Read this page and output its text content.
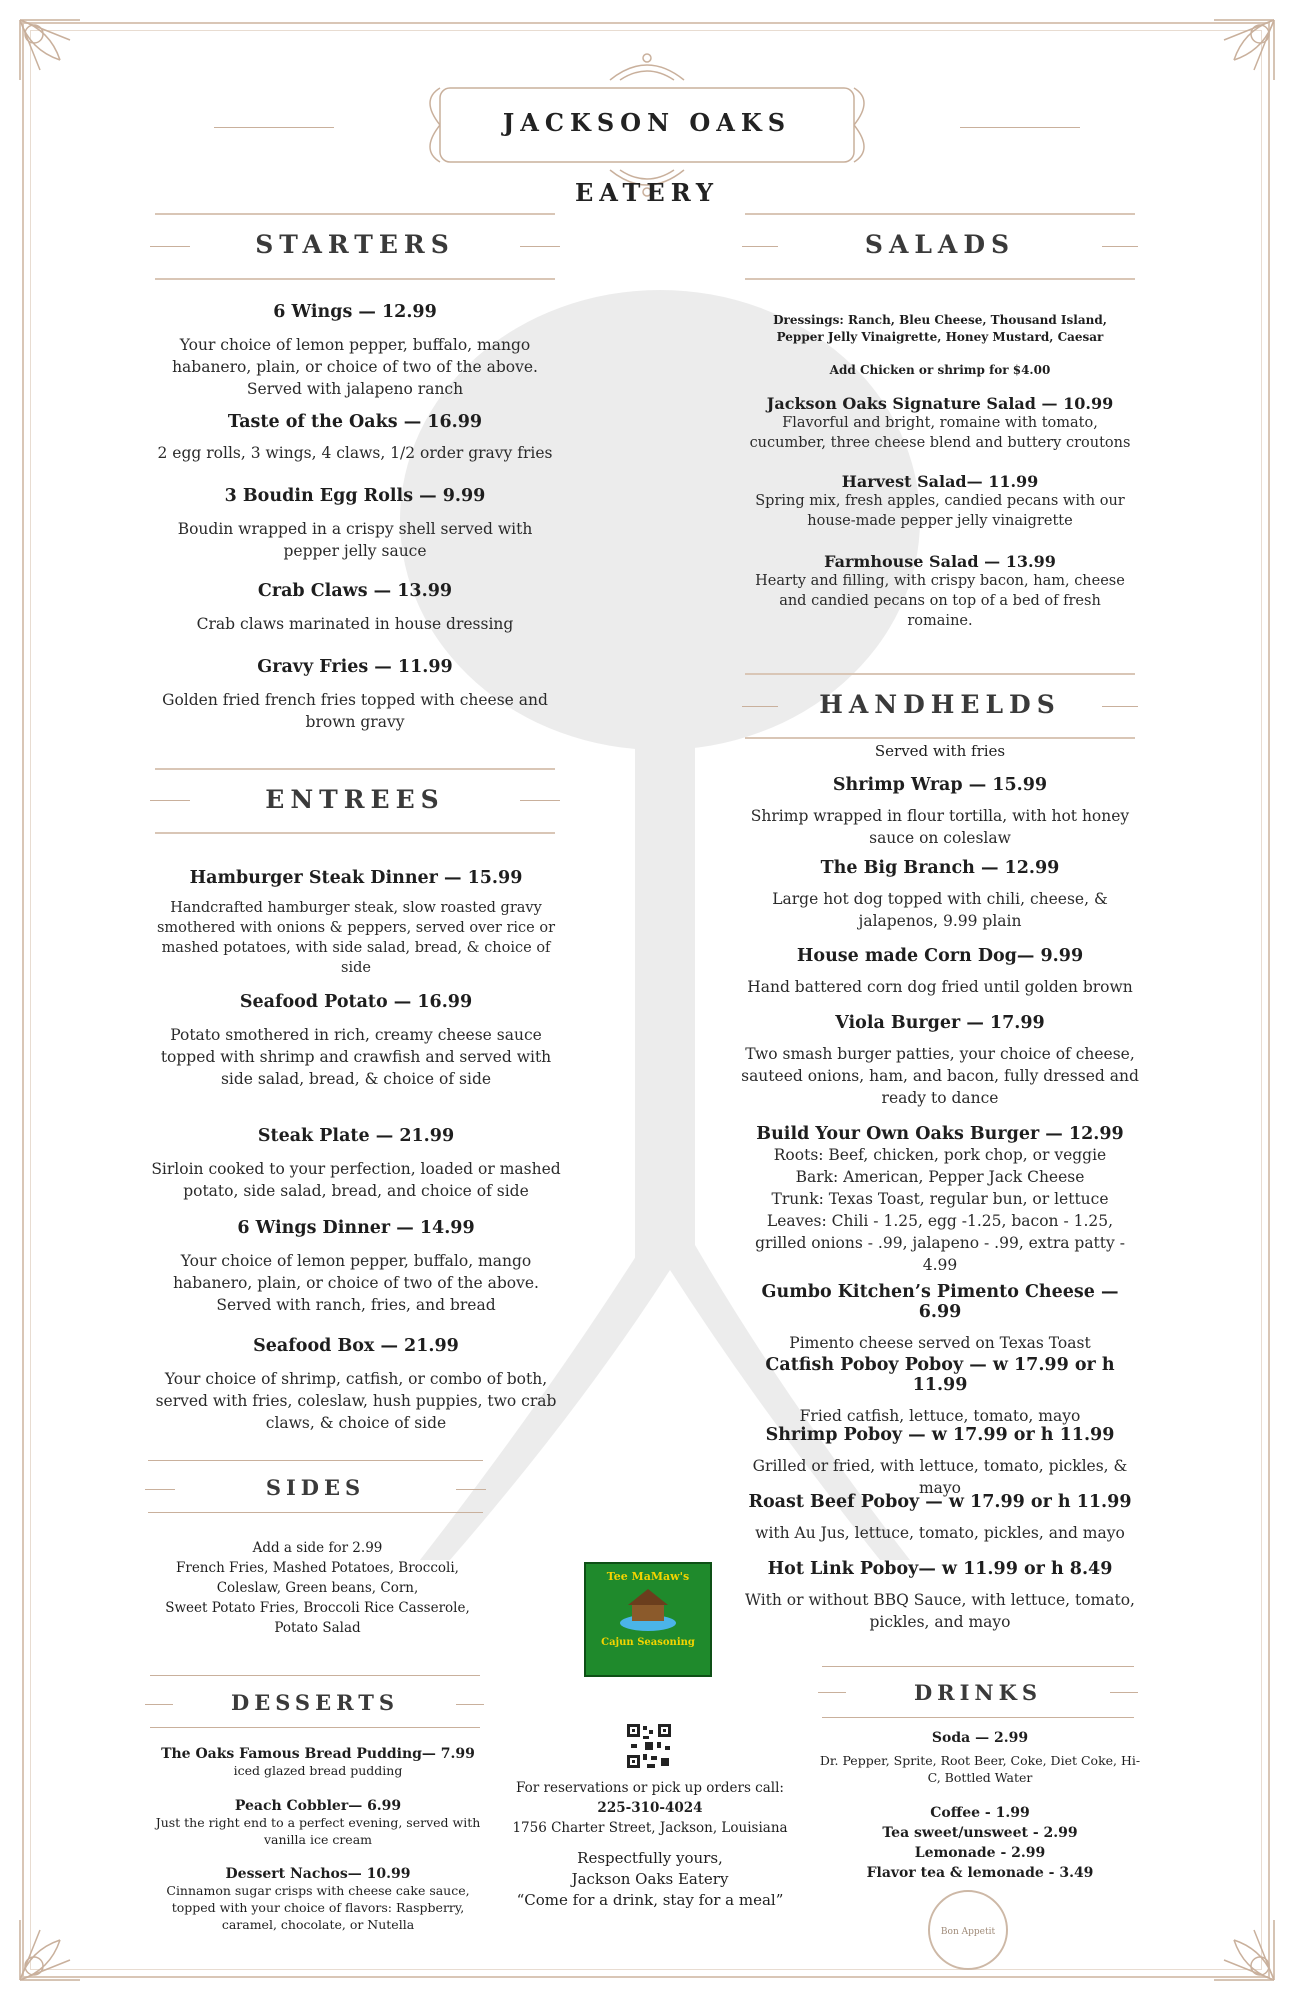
JACKSON OAKS EATERY
STARTERS

6 Wings — 12.99

Your choice of lemon pepper, buffalo, mango habanero, plain, or choice of two of the above. Served with jalapeno ranch

Taste of the Oaks — 16.99

2 egg rolls, 3 wings, 4 claws, 1/2 order gravy fries

3 Boudin Egg Rolls — 9.99

Boudin wrapped in a crispy shell served with pepper jelly sauce

Crab Claws — 13.99

Crab claws marinated in house dressing

Gravy Fries — 11.99

Golden fried french fries topped with cheese and brown gravy

ENTREES

Hamburger Steak Dinner — 15.99

Handcrafted hamburger steak, slow roasted gravy smothered with onions & peppers, served over rice or mashed potatoes, with side salad, bread, & choice of side

Seafood Potato — 16.99

Potato smothered in rich, creamy cheese sauce topped with shrimp and crawfish and served with side salad, bread, & choice of side

Steak Plate — 21.99

Sirloin cooked to your perfection, loaded or mashed potato, side salad, bread, and choice of side

6 Wings Dinner — 14.99

Your choice of lemon pepper, buffalo, mango habanero, plain, or choice of two of the above. Served with ranch, fries, and bread

Seafood Box — 21.99

Your choice of shrimp, catfish, or combo of both, served with fries, coleslaw, hush puppies, two crab claws, & choice of side

SIDES

Add a side for 2.99

French Fries, Mashed Potatoes, Broccoli, Coleslaw, Green beans, Corn,

Sweet Potato Fries, Broccoli Rice Casserole, Potato Salad

DESSERTS

The Oaks Famous Bread Pudding— 7.99

iced glazed bread pudding

Peach Cobbler— 6.99

Just the right end to a perfect evening, served with vanilla ice cream

Dessert Nachos— 10.99

Cinnamon sugar crisps with cheese cake sauce, topped with your choice of flavors: Raspberry, caramel, chocolate, or Nutella

SALADS
Dressings: Ranch, Bleu Cheese, Thousand Island, Pepper Jelly Vinaigrette, Honey Mustard, Caesar
Add Chicken or shrimp for $4.00

Jackson Oaks Signature Salad — 10.99

Flavorful and bright, romaine with tomato, cucumber, three cheese blend and buttery croutons

Harvest Salad— 11.99

Spring mix, fresh apples, candied pecans with our house-made pepper jelly vinaigrette

Farmhouse Salad — 13.99

Hearty and filling, with crispy bacon, ham, cheese and candied pecans on top of a bed of fresh romaine.

HANDHELDS
Served with fries

Shrimp Wrap — 15.99

Shrimp wrapped in flour tortilla, with hot honey sauce on coleslaw

The Big Branch — 12.99

Large hot dog topped with chili, cheese, & jalapenos, 9.99 plain

House made Corn Dog— 9.99

Hand battered corn dog fried until golden brown

Viola Burger — 17.99

Two smash burger patties, your choice of cheese, sauteed onions, ham, and bacon, fully dressed and ready to dance

Build Your Own Oaks Burger — 12.99

Roots: Beef, chicken, pork chop, or veggie
Bark: American, Pepper Jack Cheese
Trunk: Texas Toast, regular bun, or lettuce
Leaves: Chili - 1.25, egg -1.25, bacon - 1.25, grilled onions - .99, jalapeno - .99, extra patty - 4.99

Gumbo Kitchen’s Pimento Cheese — 6.99

Pimento cheese served on Texas Toast

Catfish Poboy Poboy — w 17.99 or h 11.99

Fried catfish, lettuce, tomato, mayo

Shrimp Poboy — w 17.99 or h 11.99

Grilled or fried, with lettuce, tomato, pickles, & mayo

Roast Beef Poboy — w 17.99 or h 11.99

with Au Jus, lettuce, tomato, pickles, and mayo

Hot Link Poboy— w 11.99 or h 8.49

With or without BBQ Sauce, with lettuce, tomato, pickles, and mayo

DRINKS

Soda — 2.99

Dr. Pepper, Sprite, Root Beer, Coke, Diet Coke, Hi-C, Bottled Water

Coffee - 1.99

Tea sweet/unsweet - 2.99

Lemonade - 2.99

Flavor tea & lemonade - 3.49

Tee MaMaw's
Cajun Seasoning

For reservations or pick up orders call:

225-310-4024

1756 Charter Street, Jackson, Louisiana

Respectfully yours,

Jackson Oaks Eatery

“Come for a drink, stay for a meal”

Bon Appetit
